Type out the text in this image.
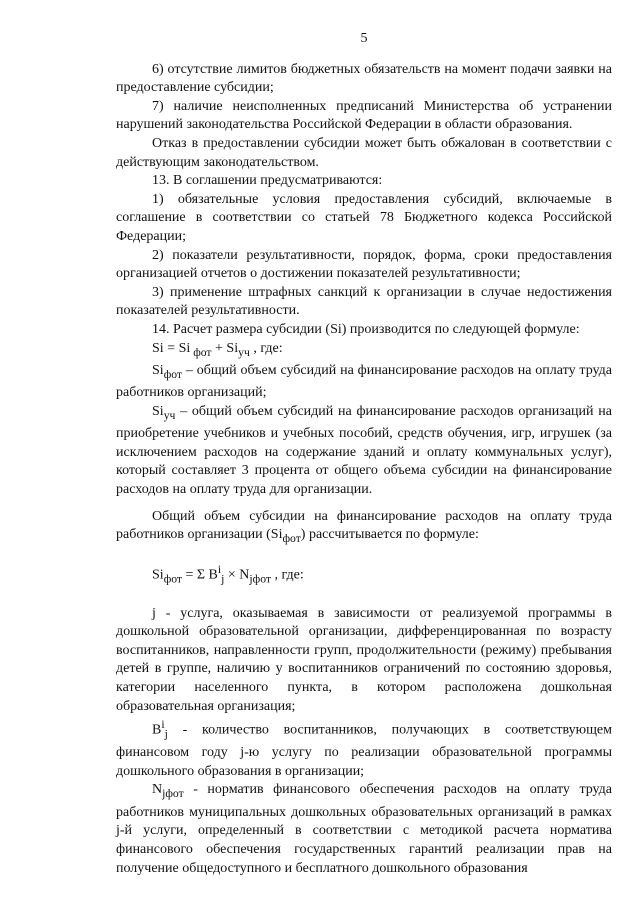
5

6) отсутствие лимитов бюджетных обязательств на момент подачи заявки на предоставление субсидии;

7) наличие неисполненных предписаний Министерства об устранении нарушений законодательства Российской Федерации в области образования.

Отказ в предоставлении субсидии может быть обжалован в соответствии с действующим законодательством.

13. В соглашении предусматриваются:

1) обязательные условия предоставления субсидий, включаемые в соглашение в соответствии со статьей 78 Бюджетного кодекса Российской Федерации;

2) показатели результативности, порядок, форма, сроки предоставления организацией отчетов о достижении показателей результативности;

3) применение штрафных санкций к организации в случае недостижения показателей результативности.

14. Расчет размера субсидии (Si) производится по следующей формуле:

Si = Si $_{фот} + Si_{уч}$ , где:

$Si_{фот}$ – общий объем субсидий на финансирование расходов на оплату труда работников организаций;

$Si_{уч}$ – общий объем субсидий на финансирование расходов организаций на приобретение учебников и учебных пособий, средств обучения, игр, игрушек (за исключением расходов на содержание зданий и оплату коммунальных услуг), который составляет 3 процента от общего объема субсидии на финансирование расходов на оплату труда для организации.

Общий объем субсидии на финансирование расходов на оплату труда работников организации $(Si_{фот})$ рассчитывается по формуле:

$Si_{фот} = \Sigma$ $B^i_j \times N_{jфот}$ , где:

j - услуга, оказываемая в зависимости от реализуемой программы в дошкольной образовательной организации, дифференцированная по возрасту воспитанников, направленности групп, продолжительности (режиму) пребывания детей в группе, наличию у воспитанников ограничений по состоянию здоровья, категории населенного пункта, в котором расположена дошкольная образовательная организация;

$B^i_j$ - количество воспитанников, получающих в соответствующем финансовом году j-ю услугу по реализации образовательной программы дошкольного образования в организации;

$N_{jфот}$ - норматив финансового обеспечения расходов на оплату труда работников муниципальных дошкольных образовательных организаций в рамках j-й услуги, определенный в соответствии с методикой расчета норматива финансового обеспечения государственных гарантий реализации прав на получение общедоступного и бесплатного дошкольного образования
